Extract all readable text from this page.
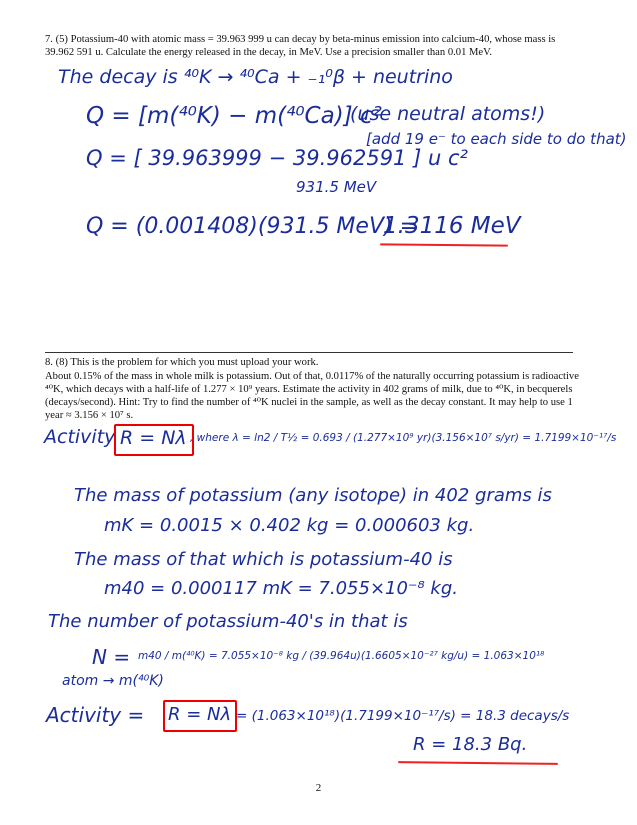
7. (5) Potassium-40 with atomic mass = 39.963 999 u can decay by beta-minus emission into calcium-40, whose mass is 39.962 591 u. Calculate the energy released in the decay, in MeV. Use a precision smaller than 0.01 MeV.
The decay is ⁴⁰K → ⁴⁰Ca + ₋₁⁰β + neutrino
Q = [m(⁴⁰K) − m(⁴⁰Ca)] c²
(use neutral atoms!)
[add 19 e⁻ to each side to do that)
Q = [ 39.963999 − 39.962591 ] u c²
931.5 MeV
Q = (0.001408)(931.5 MeV) =
1.3116 MeV
8. (8) This is the problem for which you must upload your work.
About 0.15% of the mass in whole milk is potassium. Out of that, 0.0117% of the naturally occurring potassium is radioactive ⁴⁰K, which decays with a half-life of 1.277 × 10⁹ years. Estimate the activity in 402 grams of milk, due to ⁴⁰K, in becquerels (decays/second). Hint: Try to find the number of ⁴⁰K nuclei in the sample, as well as the decay constant. It may help to use 1 year ≈ 3.156 × 10⁷ s.
Activity R = Nλ , where λ = ln2 / T½ = 0.693 / (1.277×10⁹ yr)(3.156×10⁷ s/yr) = 1.7199×10⁻¹⁷/s
The mass of potassium (any isotope) in 402 grams is
mK = 0.0015 × 0.402 kg = 0.000603 kg.
The mass of that which is potassium-40 is
m40 = 0.000117 mK = 7.055×10⁻⁸ kg.
The number of potassium-40's in that is
N = m40 / m(⁴⁰K) = 7.055×10⁻⁸ kg / (39.964u)(1.6605×10⁻²⁷ kg/u) = 1.063×10¹⁸
atom → m(⁴⁰K)
Activity = R = Nλ = (1.063×10¹⁸)(1.7199×10⁻¹⁷/s) = 18.3 decays/s
R = 18.3 Bq.
2
